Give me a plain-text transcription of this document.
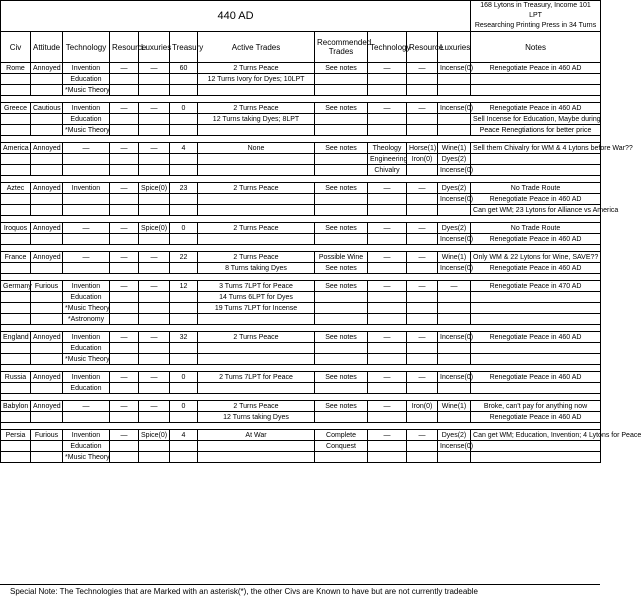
440 AD											168 Lytons in Treasury, Income 101 LPT
Researching Printing Press in 34 Turns
Civ	Attitude	Technology	Resource	Luxuries	Treasury	Active Trades	Recommended Trades	Technology	Resource	Luxuries	Notes
Rome	Annoyed	Invention	—	—	60	2 Turns Peace	See notes	—	—	Incense(0)	Renegotiate Peace in 460 AD
		Education				12 Turns Ivory for Dyes; 10LPT					
		*Music Theory									

Greece	Cautious	Invention	—	—	0	2 Turns Peace	See notes	—	—	Incense(0)	Renegotiate Peace in 460 AD
		Education				12 Turns taking Dyes; 8LPT					Sell Incense for Education, Maybe during
		*Music Theory									Peace Renegtiations for better price

America	Annoyed	—	—	—	4	None	See notes	Theology	Horse(1)	Wine(1)	Sell them Chivalry for WM & 4 Lytons before War??
								Engineering	Iron(0)	Dyes(2)	
								Chivalry		Incense(0)	

Aztec	Annoyed	Invention	—	Spice(0)	23	2 Turns Peace	See notes	—	—	Dyes(2)	No Trade Route
										Incense(0)	Renegotiate Peace in 460 AD
											Can get WM; 23 Lytons for Alliance vs America

Iroquos	Annoyed	—	—	Spice(0)	0	2 Turns Peace	See notes	—	—	Dyes(2)	No Trade Route
										Incense(0)	Renegotiate Peace in 460 AD

France	Annoyed	—	—	—	22	2 Turns Peace	Possible Wine	—	—	Wine(1)	Only WM & 22 Lytons for Wine, SAVE??
						8 Turns taking Dyes	See notes			Incense(0)	Renegotiate Peace in 460 AD

Germany	Furious	Invention	—	—	12	3 Turns 7LPT for Peace	See notes	—	—	—	Renegotiate Peace in 470 AD
		Education				14 Turns 6LPT for Dyes					
		*Music Theory				19 Turns 7LPT for Incense					
		*Astronomy									

England	Annoyed	Invention	—	—	32	2 Turns Peace	See notes	—	—	Incense(0)	Renegotiate Peace in 460 AD
		Education									
		*Music Theory									

Russia	Annoyed	Invention	—	—	0	2 Turns 7LPT for Peace	See notes	—	—	Incense(0)	Renegotiate Peace in 460 AD
		Education									

Babylon	Annoyed	—	—	—	0	2 Turns Peace	See notes	—	Iron(0)	Wine(1)	Broke, can't pay for anything now
						12 Turns taking Dyes					Renegotiate Peace in 460 AD

Persia	Furious	Invention	—	Spice(0)	4	At War	Complete	—	—	Dyes(2)	Can get WM; Education, Invention; 4 Lytons for Peace
		Education					Conquest			Incense(0)	
		*Music Theory									
Special Note: The Technologies that are Marked with an asterisk(*), the other Civs are Known to have but are not currently tradeable
